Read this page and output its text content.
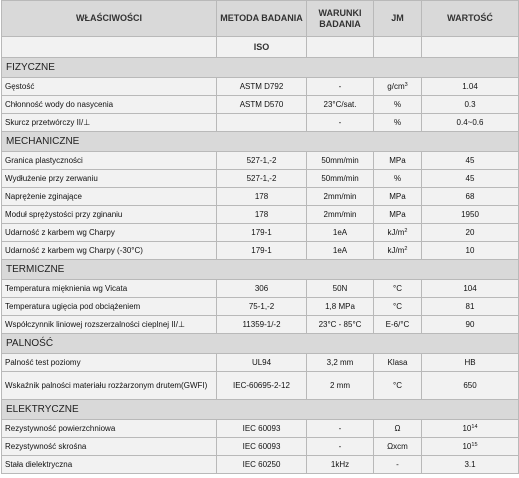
WŁAŚCIWOŚCI	METODA BADANIA	WARUNKI BADANIA	JM	WARTOŚĆ
	ISO			
FIZYCZNE				
Gęstość	ASTM D792	-	$g/cm^3$	1.04
Chłonność wody do nasycenia	ASTM D570	23°C/sat.	%	0.3
Skurcz przetwórczy II/⊥		-	%	0.4~0.6
MECHANICZNE				
Granica plastyczności	527-1,-2	50mm/min	MPa	45
Wydłużenie przy zerwaniu	527-1,-2	50mm/min	%	45
Naprężenie zginające	178	2mm/min	MPa	68
Moduł sprężystości przy zginaniu	178	2mm/min	MPa	1950
Udarność z karbem wg Charpy	179-1	1eA	$kJ/m^2$	20
Udarność z karbem wg Charpy (-30°C)	179-1	1eA	$kJ/m^2$	10
TERMICZNE				
Temperatura mięknienia wg Vicata	306	50N	°C	104
Temperatura ugięcia pod obciążeniem	75-1,-2	1,8 MPa	°C	81
Współczynnik liniowej rozszerzalności cieplnej II/⊥	11359-1/-2	23°C - 85°C	E-6/°C	90
PALNOŚĆ				
Palność test poziomy	UL94	3,2 mm	Klasa	HB
Wskaźnik palności materiału rozżarzonym drutem(GWFI)	IEC-60695-2-12	2 mm	°C	650
ELEKTRYCZNE				
Rezystywność powierzchniowa	IEC 60093	-	Ω	$10^{14}$
Rezystywność skrośna	IEC 60093	-	Ωxcm	$10^{15}$
Stała dielektryczna	IEC 60250	1kHz	-	3.1
